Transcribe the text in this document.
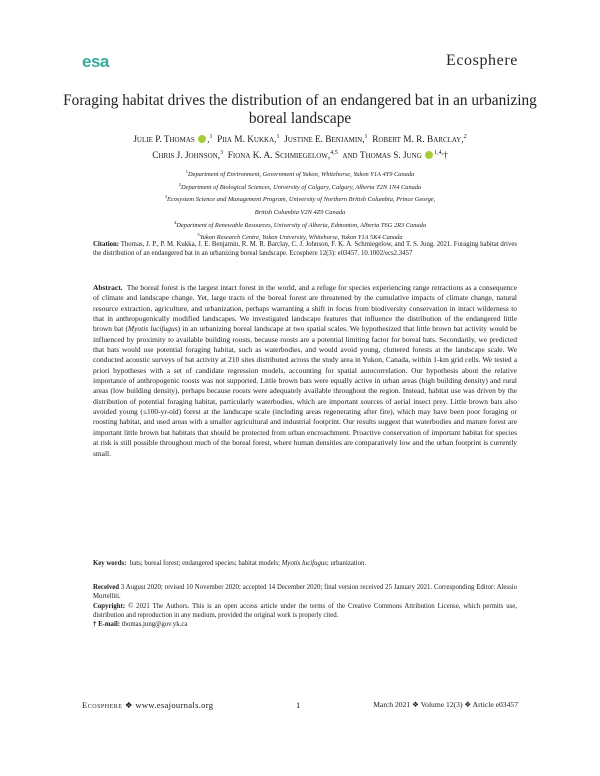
esa	Ecosphere
Foraging habitat drives the distribution of an endangered bat in an urbanizing boreal landscape
Julie P. Thomas ,$^1$ Piia M. Kukka,$^1$ Justine E. Benjamin,$^1$ Robert M. R. Barclay,$^2$
Chris J. Johnson,$^3$ Fiona K. A. Schmiegelow,$^{4,5}$ and Thomas S. Jung $^{1,4,}$†
$^1$Department of Environment, Government of Yukon, Whitehorse, Yukon Y1A 4Y9 Canada
$^2$Department of Biological Sciences, University of Calgary, Calgary, Alberta T2N 1N4 Canada
$^3$Ecosystem Science and Management Program, University of Northern British Columbia, Prince George,
British Columbia V2N 4Z9 Canada
$^4$Department of Renewable Resources, University of Alberta, Edmonton, Alberta T6G 2R3 Canada
$^5$Yukon Research Centre, Yukon University, Whitehorse, Yukon Y1A 5K4 Canada
Citation: Thomas, J. P., P. M. Kukka, J. E. Benjamin, R. M. R. Barclay, C. J. Johnson, F. K. A. Schmiegelow, and T. S. Jung. 2021. Foraging habitat drives the distribution of an endangered bat in an urbanizing boreal landscape. Ecosphere 12(3): e03457. 10.1002/ecs2.3457
Abstract. The boreal forest is the largest intact forest in the world, and a refuge for species experiencing range retractions as a consequence of climate and landscape change. Yet, large tracts of the boreal forest are threatened by the cumulative impacts of climate change, natural resource extraction, agriculture, and urbanization, perhaps warranting a shift in focus from biodiversity conservation in intact wilderness to that in anthropogenically modified landscapes. We investigated landscape features that influence the distribution of the endangered little brown bat (Myotis lucifugus) in an urbanizing boreal landscape at two spatial scales. We hypothesized that little brown bat activity would be influenced by proximity to available building roosts, because roosts are a potential limiting factor for boreal bats. Secondarily, we predicted that bats would use potential foraging habitat, such as waterbodies, and would avoid young, cluttered forests at the landscape scale. We conducted acoustic surveys of bat activity at 210 sites distributed across the study area in Yukon, Canada, within 1-km grid cells. We tested a priori hypotheses with a set of candidate regression models, accounting for spatial autocorrelation. Our hypothesis about the relative importance of anthropogenic roosts was not supported. Little brown bats were equally active in urban areas (high building density) and rural areas (low building density), perhaps because roosts were adequately available throughout the region. Instead, habitat use was driven by the distribution of potential foraging habitat, particularly waterbodies, which are important sources of aerial insect prey. Little brown bats also avoided young (≤100-yr-old) forest at the landscape scale (including areas regenerating after fire), which may have been poor foraging or roosting habitat, and used areas with a smaller agricultural and industrial footprint. Our results suggest that waterbodies and mature forest are important little brown bat habitats that should be protected from urban encroachment. Proactive conservation of important habitat for species at risk is still possible throughout much of the boreal forest, where human densities are comparatively low and the urban footprint is currently small.
Key words: bats; boreal forest; endangered species; habitat models; Myotis lucifugus; urbanization.

Received 3 August 2020; revised 10 November 2020; accepted 14 December 2020; final version received 25 January 2021. Corresponding Editor: Alessio Mortelliti.

Copyright: © 2021 The Authors. This is an open access article under the terms of the Creative Commons Attribution License, which permits use, distribution and reproduction in any medium, provided the original work is properly cited.

† E-mail: thomas.jung@gov.yk.ca

Ecosphere ❖ www.esajournals.org	1	March 2021 ❖ Volume 12(3) ❖ Article e03457
